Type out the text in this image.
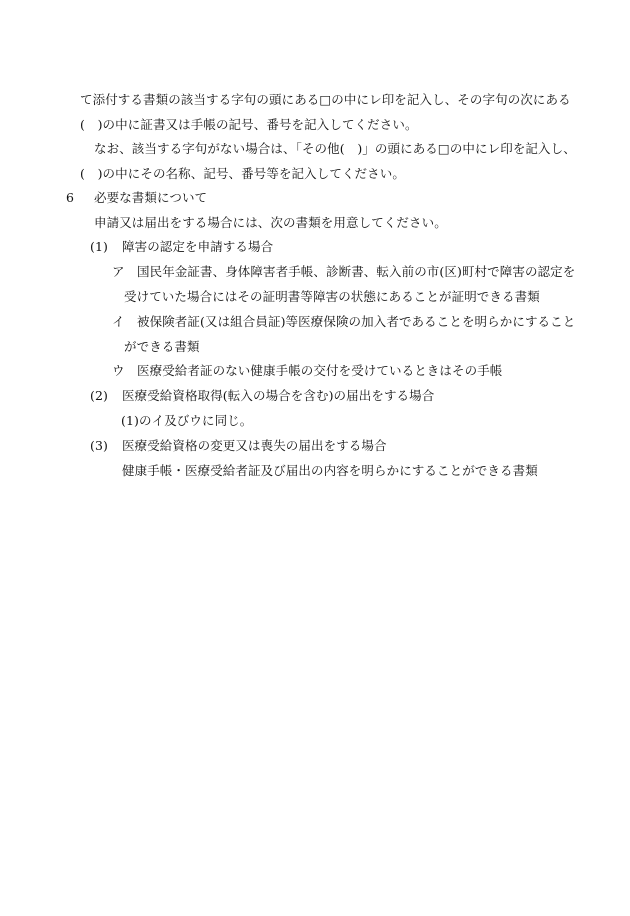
て添付する書類の該当する字句の頭にある□の中にレ印を記入し、その字句の次にある
(　)の中に証書又は手帳の記号、番号を記入してください。
なお、該当する字句がない場合は、「その他(　)」の頭にある□の中にレ印を記入し、
(　)の中にその名称、記号、番号等を記入してください。
6 必要な書類について
申請又は届出をする場合には、次の書類を用意してください。
(1) 障害の認定を申請する場合
ア 国民年金証書、身体障害者手帳、診断書、転入前の市(区)町村で障害の認定を
受けていた場合にはその証明書等障害の状態にあることが証明できる書類
イ 被保険者証(又は組合員証)等医療保険の加入者であることを明らかにすること
ができる書類
ウ 医療受給者証のない健康手帳の交付を受けているときはその手帳
(2) 医療受給資格取得(転入の場合を含む)の届出をする場合
(1)のイ及びウに同じ。
(3) 医療受給資格の変更又は喪失の届出をする場合
健康手帳・医療受給者証及び届出の内容を明らかにすることができる書類
